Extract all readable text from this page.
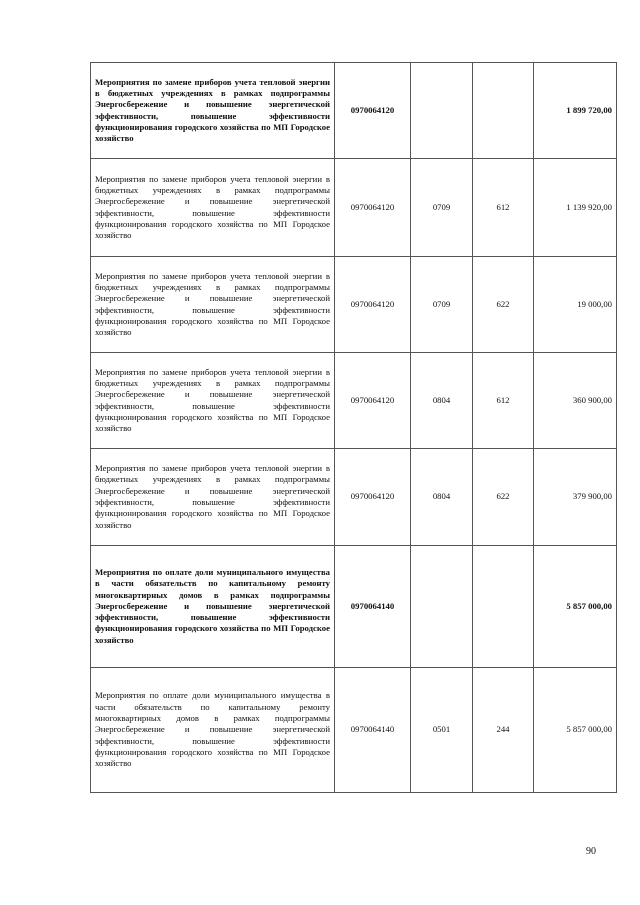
Мероприятия по замене приборов учета тепловой энергии в бюджетных учреждениях в рамках подпрограммы Энергосбережение и повышение энергетической эффективности, повышение эффективности функционирования городского хозяйства по МП Городское хозяйство	0970064120			1 899 720,00
Мероприятия по замене приборов учета тепловой энергии в бюджетных учреждениях в рамках подпрограммы Энергосбережение и повышение энергетической эффективности, повышение эффективности функционирования городского хозяйства по МП Городское хозяйство	0970064120	0709	612	1 139 920,00
Мероприятия по замене приборов учета тепловой энергии в бюджетных учреждениях в рамках подпрограммы Энергосбережение и повышение энергетической эффективности, повышение эффективности функционирования городского хозяйства по МП Городское хозяйство	0970064120	0709	622	19 000,00
Мероприятия по замене приборов учета тепловой энергии в бюджетных учреждениях в рамках подпрограммы Энергосбережение и повышение энергетической эффективности, повышение эффективности функционирования городского хозяйства по МП Городское хозяйство	0970064120	0804	612	360 900,00
Мероприятия по замене приборов учета тепловой энергии в бюджетных учреждениях в рамках подпрограммы Энергосбережение и повышение энергетической эффективности, повышение эффективности функционирования городского хозяйства по МП Городское хозяйство	0970064120	0804	622	379 900,00
Мероприятия по оплате доли муниципального имущества в части обязательств по капитальному ремонту многоквартирных домов в рамках подпрограммы Энергосбережение и повышение энергетической эффективности, повышение эффективности функционирования городского хозяйства по МП Городское хозяйство	0970064140			5 857 000,00
Мероприятия по оплате доли муниципального имущества в части обязательств по капитальному ремонту многоквартирных домов в рамках подпрограммы Энергосбережение и повышение энергетической эффективности, повышение эффективности функционирования городского хозяйства по МП Городское хозяйство	0970064140	0501	244	5 857 000,00
90
